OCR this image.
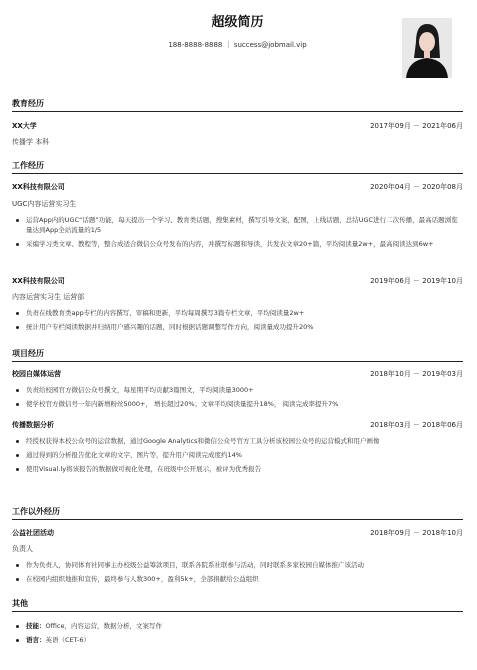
超级简历
188-8888-8888 ｜ success@jobmail.vip
教育经历
XX大学	2017年09月 － 2021年06月
传播学 本科
工作经历
XX科技有限公司	2020年04月 － 2020年08月
UGC内容运营实习生
运营App内的UGC“话题”功能，每天提出一个学习、教育类话题，搜集素材，撰写引导文案，配图，上线话题，总结UGC进行二次传播，最高话题浏览量达到App全站流量的1/5
采编学习类文章、教程等，整合成适合微信公众号发布的内容，并撰写标题和导读，共发表文章20+篇，平均阅读量2w+，最高阅读达到6w+
XX科技有限公司	2019年06月 － 2019年10月
内容运营实习生 运营部
负责在线教育类app专栏的内容撰写、审稿和更新，平均每周撰写3篇专栏文章，平均阅读量2w+
统计用户专栏阅读数据并归纳用户感兴趣的话题，同时根据话题调整写作方向，阅读量成功提升20%
项目经历
校园自媒体运营	2018年10月 － 2019年03月
负责给校园官方微信公众号撰文，每星期平均贡献3篇图文，平均阅读量3000+
使学校官方微信号一年内新增粉丝5000+， 增长超过20%；文章平均阅读量提升18%， 阅读完成率提升7%
传播数据分析	2018年03月 － 2018年06月
经授权获得本校公众号的运营数据，通过Google Analytics和微信公众号官方工具分析该校园公众号的运营模式和用户画像
通过得到的分析报告优化文章的文字、图片等，提升用户阅读完成度约14%
使用Visual.ly将该报告的数据做可视化处理，在班级中公开展示，被评为优秀报告
工作以外经历
公益社团活动	2018年09月 － 2018年10月
负责人
作为负责人，协同体育社同事主办校级公益筹款项目，联系各院系社联参与活动，同时联系多家校园自媒体推广该活动
在校园内组织地推和宣传，最终参与人数300+，盈利5k+，全部捐献给公益组织
其他
技能：Office，内容运营，数据分析，文案写作
语言：英语（CET-6）
